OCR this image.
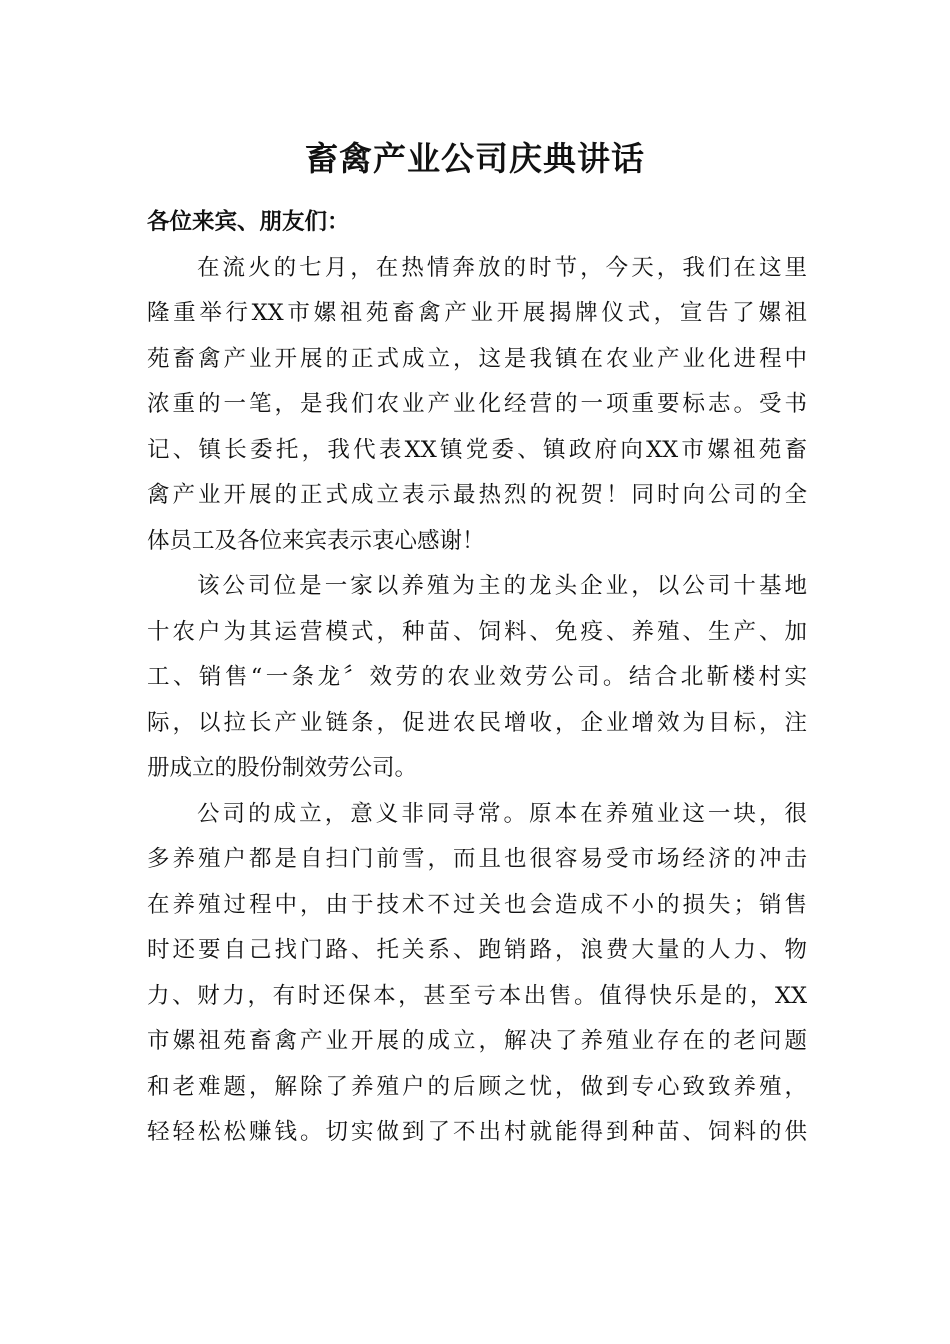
畜禽产业公司庆典讲话

各位来宾、朋友们：

在流火的七月，在热情奔放的时节，今天，我们在这里
隆重举行XX市嫘祖苑畜禽产业开展揭牌仪式，宣告了嫘祖
苑畜禽产业开展的正式成立，这是我镇在农业产业化进程中
浓重的一笔，是我们农业产业化经营的一项重要标志。受书
记、镇长委托，我代表XX镇党委、镇政府向XX市嫘祖苑畜
禽产业开展的正式成立表示最热烈的祝贺！同时向公司的全
体员工及各位来宾表示衷心感谢！

该公司位是一家以养殖为主的龙头企业，以公司十基地
十农户为其运营模式，种苗、饲料、免疫、养殖、生产、加
工、销售“一条龙〞效劳的农业效劳公司。结合北靳楼村实
际，以拉长产业链条，促进农民增收，企业增效为目标，注
册成立的股份制效劳公司。

公司的成立，意义非同寻常。原本在养殖业这一块，很
多养殖户都是自扫门前雪，而且也很容易受市场经济的冲击
在养殖过程中，由于技术不过关也会造成不小的损失；销售
时还要自己找门路、托关系、跑销路，浪费大量的人力、物
力、财力，有时还保本，甚至亏本出售。值得快乐是的，XX
市嫘祖苑畜禽产业开展的成立，解决了养殖业存在的老问题
和老难题，解除了养殖户的后顾之忧，做到专心致致养殖，
轻轻松松赚钱。切实做到了不出村就能得到种苗、饲料的供
